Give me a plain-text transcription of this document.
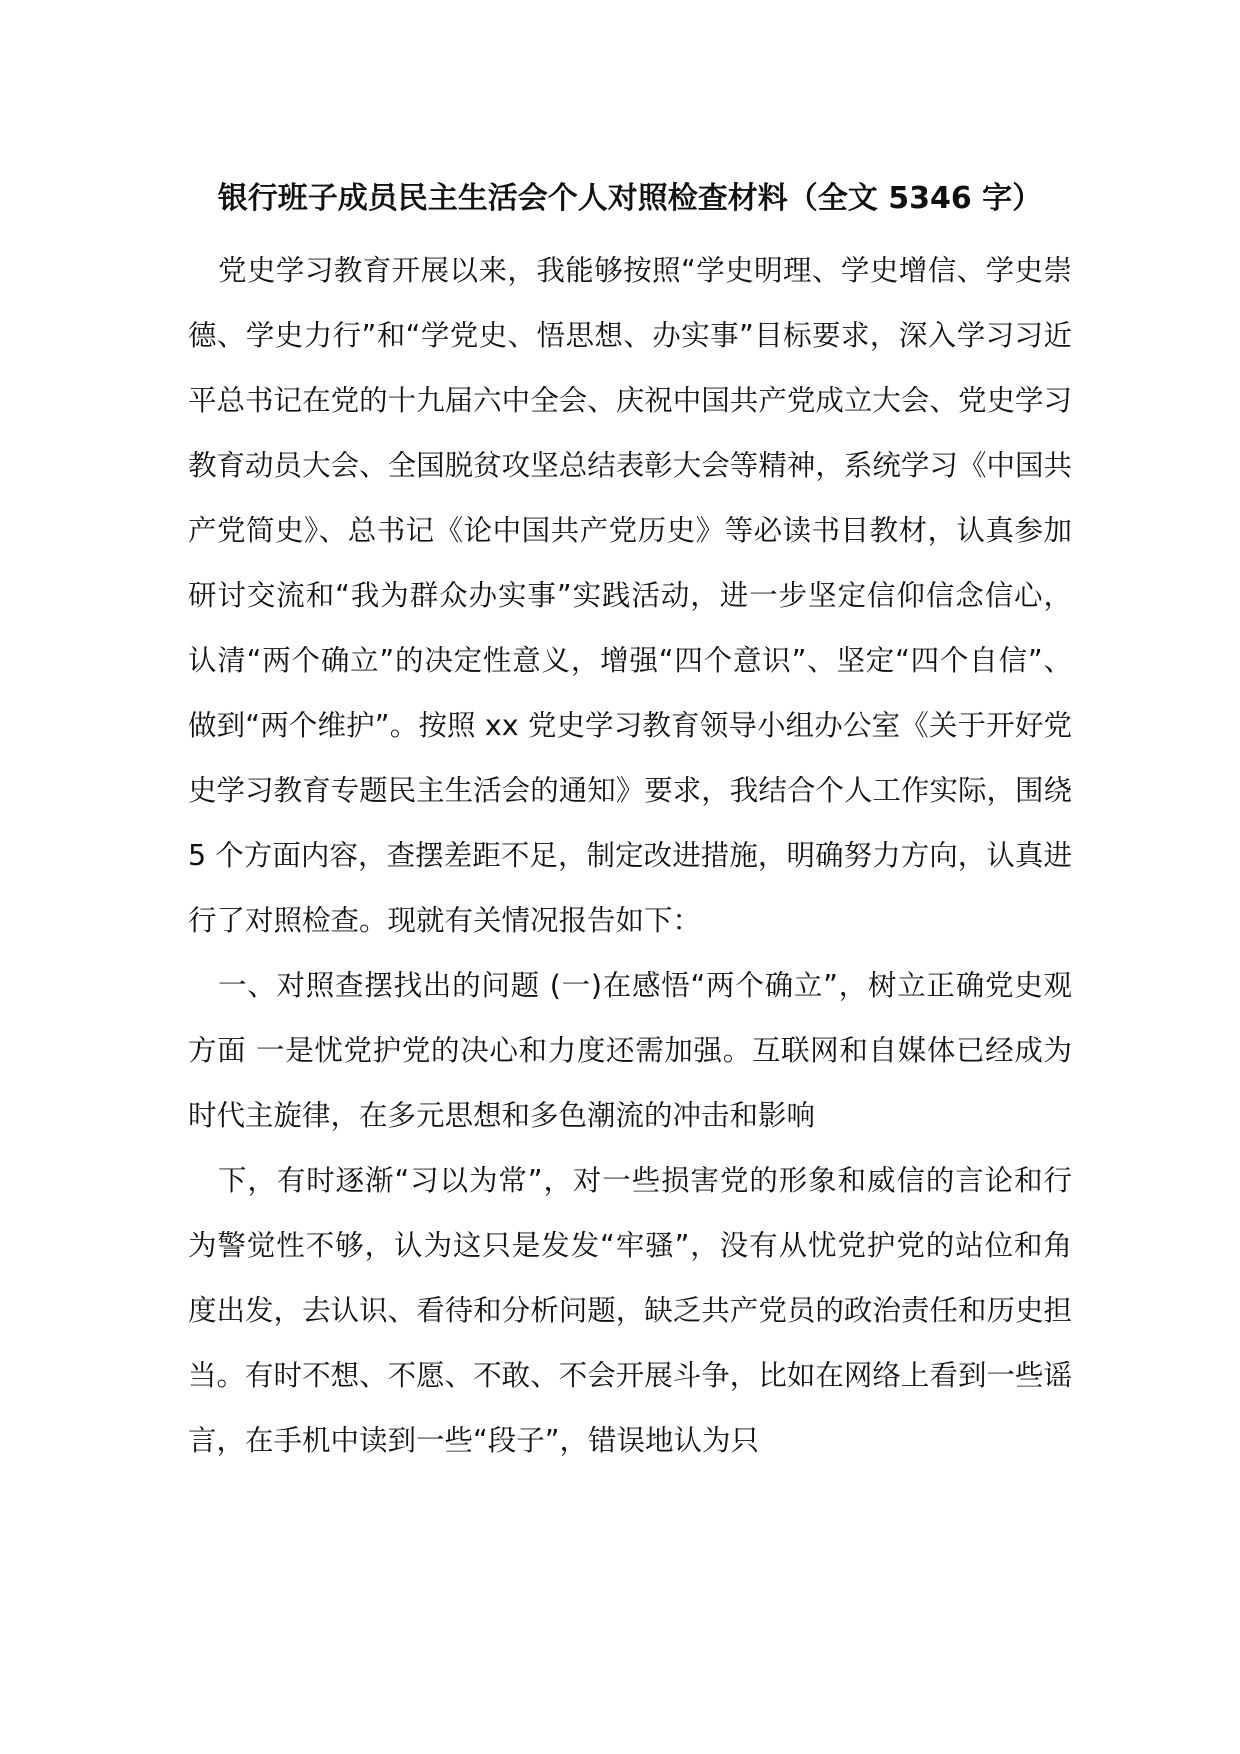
银行班子成员民主生活会个人对照检查材料（全文 5346 字）

党史学习教育开展以来，我能够按照“学史明理、学史增信、学史崇德、学史力行”和“学党史、悟思想、办实事”目标要求，深入学习习近平总书记在党的十九届六中全会、庆祝中国共产党成立大会、党史学习教育动员大会、全国脱贫攻坚总结表彰大会等精神，系统学习《中国共产党简史》、总书记《论中国共产党历史》等必读书目教材，认真参加研讨交流和“我为群众办实事”实践活动，进一步坚定信仰信念信心，认清“两个确立”的决定性意义，增强“四个意识”、坚定“四个自信”、做到“两个维护”。按照 xx 党史学习教育领导小组办公室《关于开好党史学习教育专题民主生活会的通知》要求，我结合个人工作实际，围绕 5 个方面内容，查摆差距不足，制定改进措施，明确努力方向，认真进行了对照检查。现就有关情况报告如下：

一、对照查摆找出的问题 (一)在感悟“两个确立”，树立正确党史观方面 一是忧党护党的决心和力度还需加强。互联网和自媒体已经成为时代主旋律，在多元思想和多色潮流的冲击和影响

下，有时逐渐“习以为常”，对一些损害党的形象和威信的言论和行为警觉性不够，认为这只是发发“牢骚”，没有从忧党护党的站位和角度出发，去认识、看待和分析问题，缺乏共产党员的政治责任和历史担当。有时不想、不愿、不敢、不会开展斗争，比如在网络上看到一些谣言，在手机中读到一些“段子”，错误地认为只
